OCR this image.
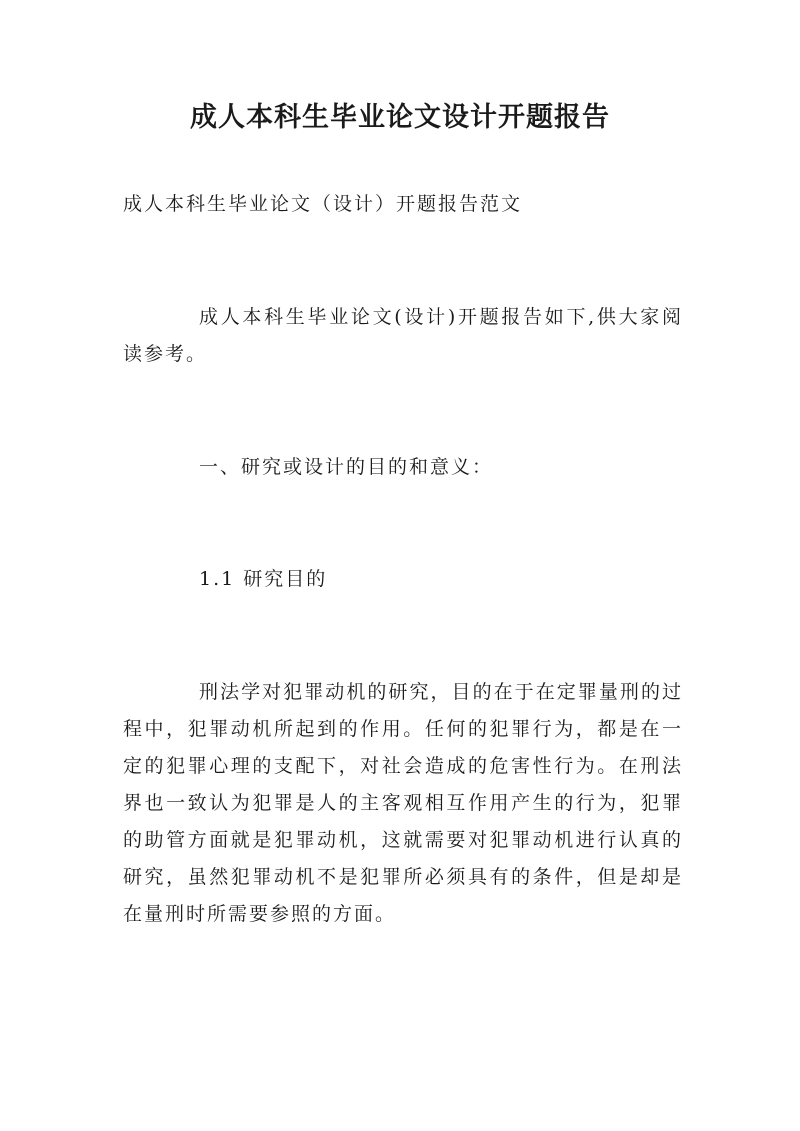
成人本科生毕业论文设计开题报告

成人本科生毕业论文（设计）开题报告范文

成人本科生毕业论文(设计)开题报告如下,供大家阅读参考。

一、研究或设计的目的和意义：

1.1 研究目的

刑法学对犯罪动机的研究，目的在于在定罪量刑的过程中，犯罪动机所起到的作用。任何的犯罪行为，都是在一定的犯罪心理的支配下，对社会造成的危害性行为。在刑法界也一致认为犯罪是人的主客观相互作用产生的行为，犯罪的助管方面就是犯罪动机，这就需要对犯罪动机进行认真的研究，虽然犯罪动机不是犯罪所必须具有的条件，但是却是在量刑时所需要参照的方面。
